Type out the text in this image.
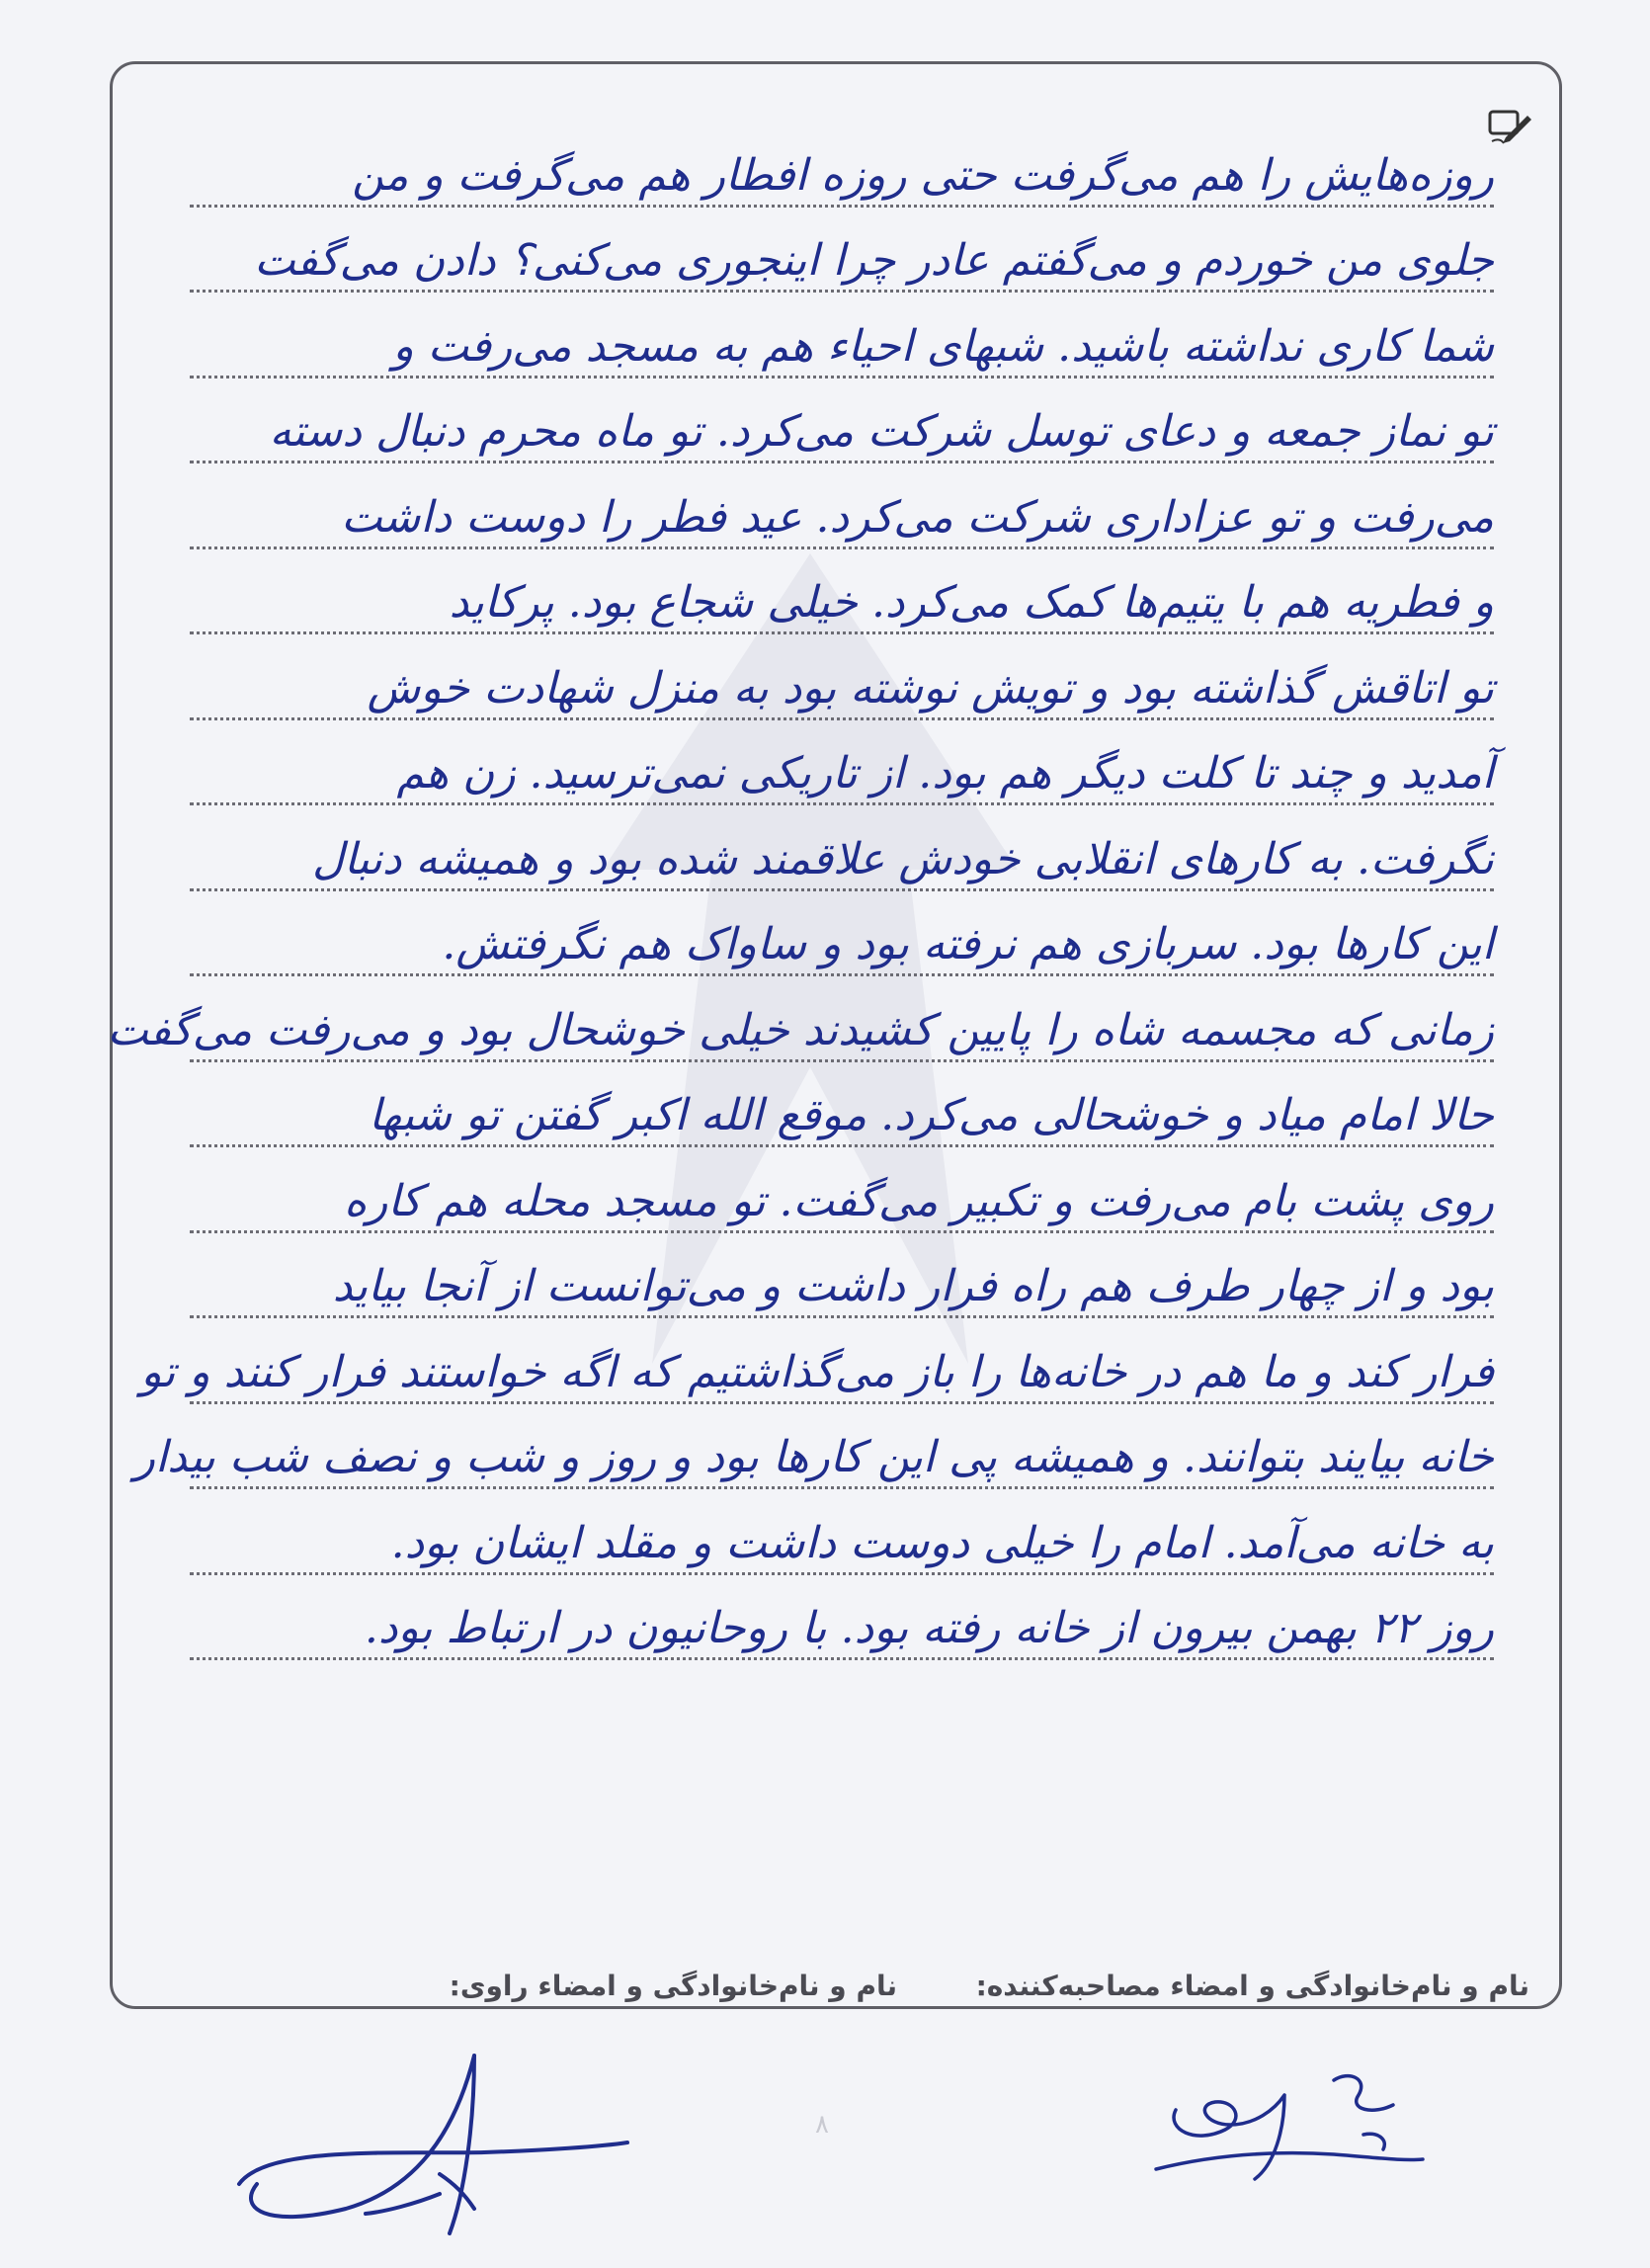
روزه‌هایش را هم می‌گرفت حتی روزه افطار هم می‌گرفت و من
جلوی من خوردم و می‌گفتم عادر چرا اینجوری می‌کنی؟ دادن می‌گفت
شما کاری نداشته باشید. شبهای احیاء هم به مسجد می‌رفت و
تو نماز جمعه و دعای توسل شرکت می‌کرد. تو ماه محرم دنبال دسته
می‌رفت و تو عزاداری شرکت می‌کرد. عید فطر را دوست داشت
و فطریه هم با یتیم‌ها کمک می‌کرد. خیلی شجاع بود. پرکاید
تو اتاقش گذاشته بود و تویش نوشته بود به منزل شهادت خوش
آمدید و چند تا کلت دیگر هم بود. از تاریکی نمی‌ترسید. زن هم
نگرفت. به کارهای انقلابی خودش علاقمند شده بود و همیشه دنبال
این کارها بود. سربازی هم نرفته بود و ساواک هم نگرفتش.
زمانی که مجسمه شاه را پایین کشیدند خیلی خوشحال بود و می‌رفت می‌گفت
حالا امام میاد و خوشحالی می‌کرد. موقع الله اکبر گفتن تو شبها
روی پشت بام می‌رفت و تکبیر می‌گفت. تو مسجد محله هم کاره
بود و از چهار طرف هم راه فرار داشت و می‌توانست از آنجا بیاید
فرار کند و ما هم در خانه‌ها را باز می‌گذاشتیم که اگه خواستند فرار کنند و تو
خانه بیایند بتوانند. و همیشه پی این کارها بود و روز و شب و نصف شب بیدار
به خانه می‌آمد. امام را خیلی دوست داشت و مقلد ایشان بود.
روز ۲۲ بهمن بیرون از خانه رفته بود. با روحانیون در ارتباط بود.
نام و نام‌خانوادگی و امضاء مصاحبه‌کننده:
نام و نام‌خانوادگی و امضاء راوی:
۸
